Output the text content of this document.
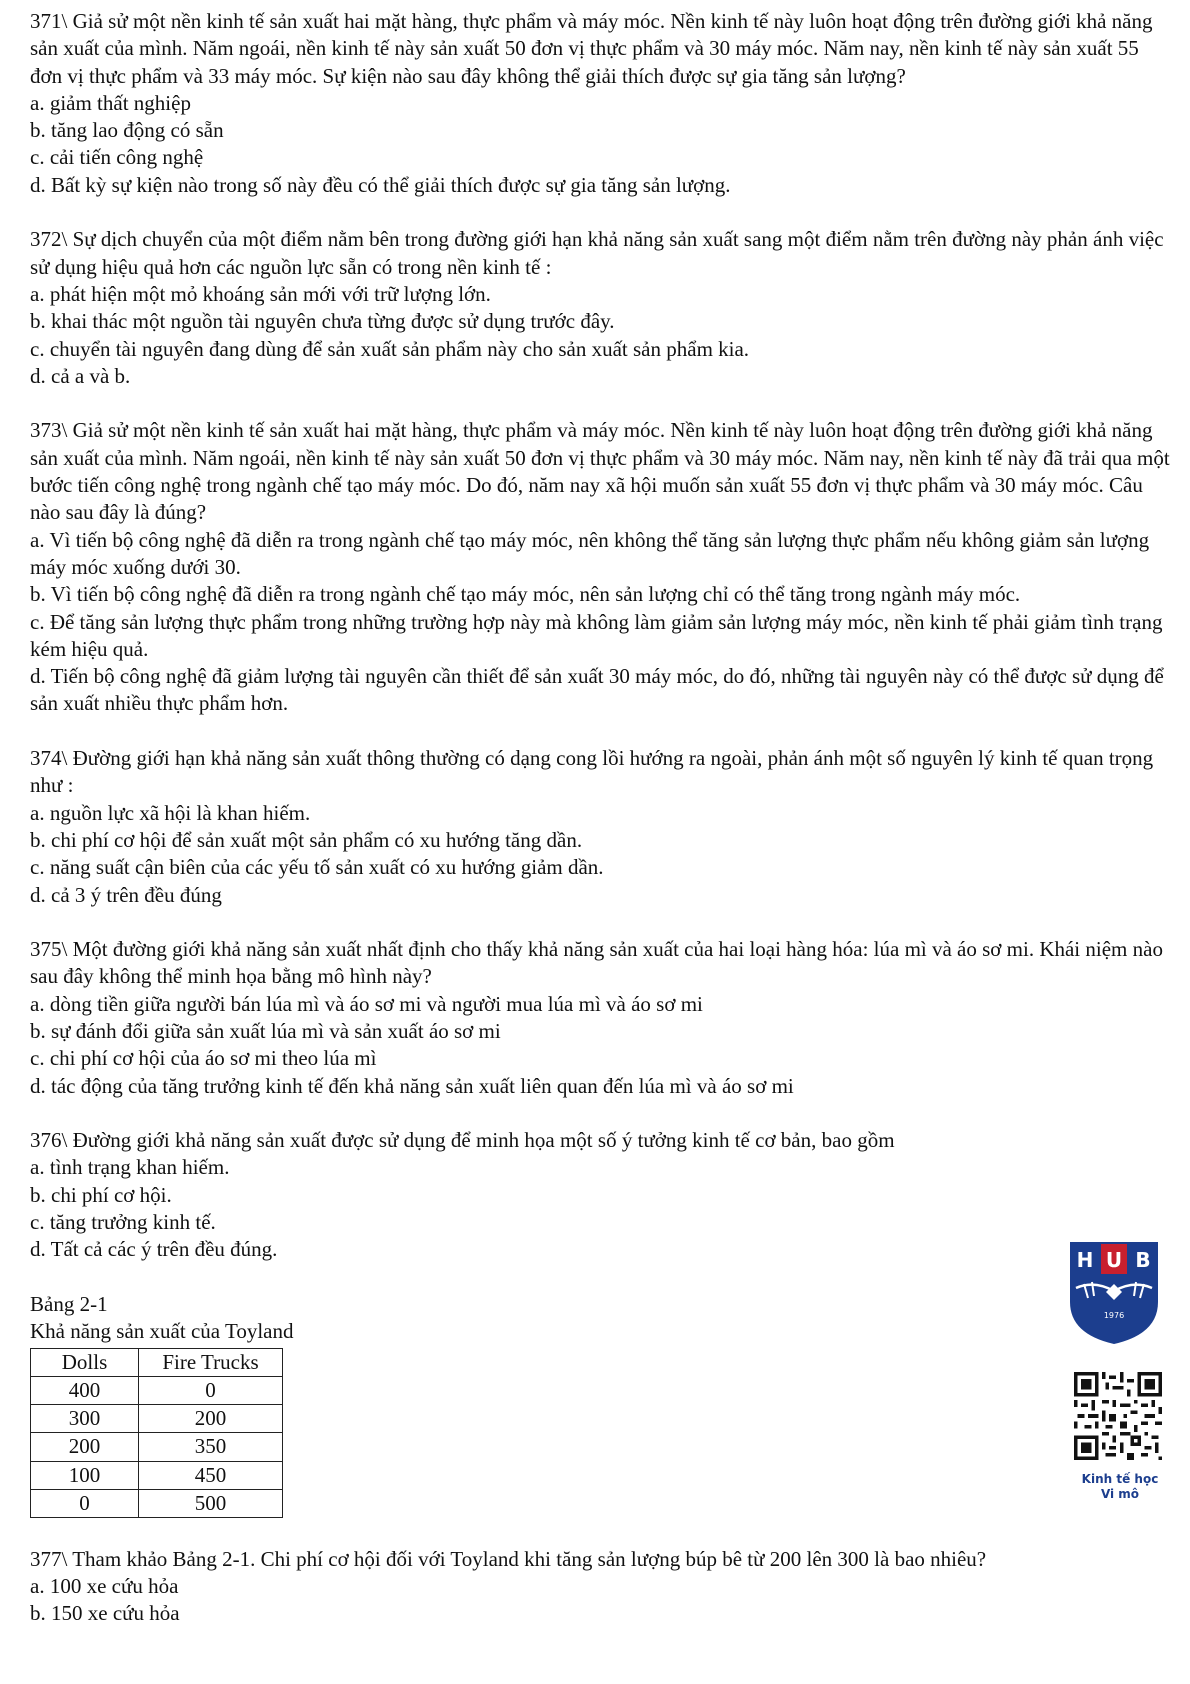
371\ Giả sử một nền kinh tế sản xuất hai mặt hàng, thực phẩm và máy móc. Nền kinh tế này luôn hoạt động trên đường giới khả năng sản xuất của mình. Năm ngoái, nền kinh tế này sản xuất 50 đơn vị thực phẩm và 30 máy móc. Năm nay, nền kinh tế này sản xuất 55 đơn vị thực phẩm và 33 máy móc. Sự kiện nào sau đây không thể giải thích được sự gia tăng sản lượng?
a. giảm thất nghiệp
b. tăng lao động có sẵn
c. cải tiến công nghệ
d. Bất kỳ sự kiện nào trong số này đều có thể giải thích được sự gia tăng sản lượng.
372\ Sự dịch chuyển của một điểm nằm bên trong đường giới hạn khả năng sản xuất sang một điểm nằm trên đường này phản ánh việc sử dụng hiệu quả hơn các nguồn lực sẵn có trong nền kinh tế :
a. phát hiện một mỏ khoáng sản mới với trữ lượng lớn.
b. khai thác một nguồn tài nguyên chưa từng được sử dụng trước đây.
c. chuyển tài nguyên đang dùng để sản xuất sản phẩm này cho sản xuất sản phẩm kia.
d. cả a và b.
373\ Giả sử một nền kinh tế sản xuất hai mặt hàng, thực phẩm và máy móc. Nền kinh tế này luôn hoạt động trên đường giới khả năng sản xuất của mình. Năm ngoái, nền kinh tế này sản xuất 50 đơn vị thực phẩm và 30 máy móc. Năm nay, nền kinh tế này đã trải qua một bước tiến công nghệ trong ngành chế tạo máy móc. Do đó, năm nay xã hội muốn sản xuất 55 đơn vị thực phẩm và 30 máy móc. Câu nào sau đây là đúng?
a. Vì tiến bộ công nghệ đã diễn ra trong ngành chế tạo máy móc, nên không thể tăng sản lượng thực phẩm nếu không giảm sản lượng máy móc xuống dưới 30.
b. Vì tiến bộ công nghệ đã diễn ra trong ngành chế tạo máy móc, nên sản lượng chỉ có thể tăng trong ngành máy móc.
c. Để tăng sản lượng thực phẩm trong những trường hợp này mà không làm giảm sản lượng máy móc, nền kinh tế phải giảm tình trạng kém hiệu quả.
d. Tiến bộ công nghệ đã giảm lượng tài nguyên cần thiết để sản xuất 30 máy móc, do đó, những tài nguyên này có thể được sử dụng để sản xuất nhiều thực phẩm hơn.
374\ Đường giới hạn khả năng sản xuất thông thường có dạng cong lồi hướng ra ngoài, phản ánh một số nguyên lý kinh tế quan trọng như :
a. nguồn lực xã hội là khan hiếm.
b. chi phí cơ hội để sản xuất một sản phẩm có xu hướng tăng dần.
c. năng suất cận biên của các yếu tố sản xuất có xu hướng giảm dần.
d. cả 3 ý trên đều đúng
375\ Một đường giới khả năng sản xuất nhất định cho thấy khả năng sản xuất của hai loại hàng hóa: lúa mì và áo sơ mi. Khái niệm nào sau đây không thể minh họa bằng mô hình này?
a. dòng tiền giữa người bán lúa mì và áo sơ mi và người mua lúa mì và áo sơ mi
b. sự đánh đổi giữa sản xuất lúa mì và sản xuất áo sơ mi
c. chi phí cơ hội của áo sơ mi theo lúa mì
d. tác động của tăng trưởng kinh tế đến khả năng sản xuất liên quan đến lúa mì và áo sơ mi
376\ Đường giới khả năng sản xuất được sử dụng để minh họa một số ý tưởng kinh tế cơ bản, bao gồm
a. tình trạng khan hiếm.
b. chi phí cơ hội.
c. tăng trưởng kinh tế.
d. Tất cả các ý trên đều đúng.
Bảng 2-1
Khả năng sản xuất của Toyland
Dolls	Fire Trucks
400	0
300	200
200	350
100	450
0	500
377\ Tham khảo Bảng 2-1. Chi phí cơ hội đối với Toyland khi tăng sản lượng búp bê từ 200 lên 300 là bao nhiêu?
a. 100 xe cứu hỏa
b. 150 xe cứu hỏa
H U B
1976
Kinh tế học
Vi mô
